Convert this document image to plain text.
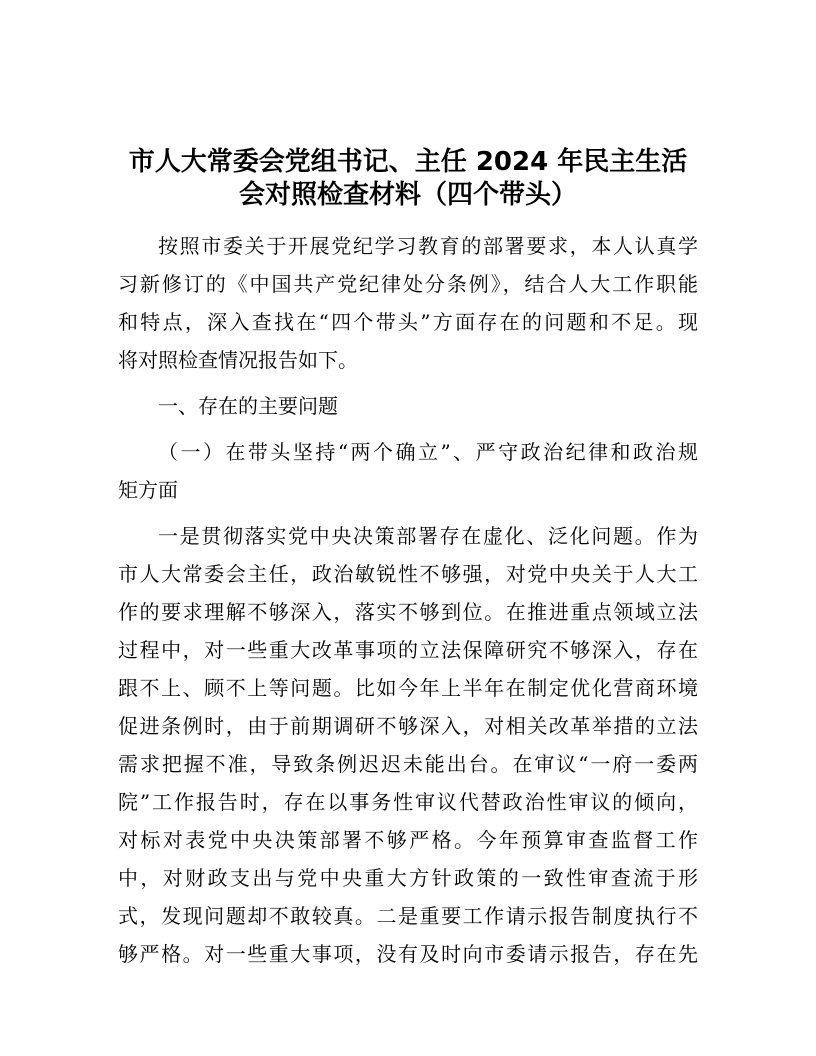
市人大常委会党组书记、主任 2024 年民主生活
会对照检查材料（四个带头）
按照市委关于开展党纪学习教育的部署要求，本人认真学
习新修订的《中国共产党纪律处分条例》，结合人大工作职能
和特点，深入查找在“四个带头”方面存在的问题和不足。现
将对照检查情况报告如下。
一、存在的主要问题
（一）在带头坚持“两个确立”、严守政治纪律和政治规
矩方面
一是贯彻落实党中央决策部署存在虚化、泛化问题。作为
市人大常委会主任，政治敏锐性不够强，对党中央关于人大工
作的要求理解不够深入，落实不够到位。在推进重点领域立法
过程中，对一些重大改革事项的立法保障研究不够深入，存在
跟不上、顾不上等问题。比如今年上半年在制定优化营商环境
促进条例时，由于前期调研不够深入，对相关改革举措的立法
需求把握不准，导致条例迟迟未能出台。在审议“一府一委两
院”工作报告时，存在以事务性审议代替政治性审议的倾向，
对标对表党中央决策部署不够严格。今年预算审查监督工作
中，对财政支出与党中央重大方针政策的一致性审查流于形
式，发现问题却不敢较真。二是重要工作请示报告制度执行不
够严格。对一些重大事项，没有及时向市委请示报告，存在先
